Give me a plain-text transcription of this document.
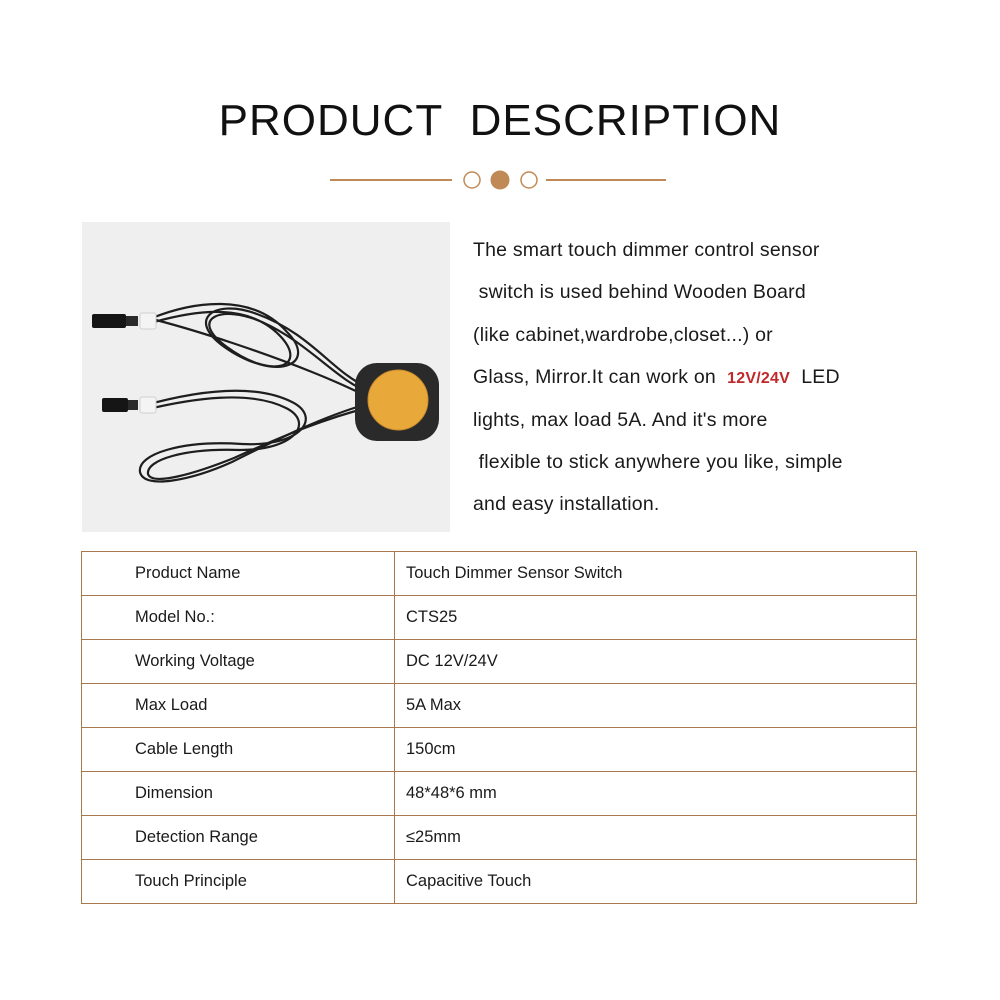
PRODUCT DESCRIPTION
The smart touch dimmer control sensor
switch is used behind Wooden Board
(like cabinet,wardrobe,closet...) or
Glass, Mirror.It can work on  12V/24V  LED
lights, max load 5A. And it's more
flexible to stick anywhere you like, simple
and easy installation.
Product Name	Touch Dimmer Sensor Switch
Model No.:	CTS25
Working Voltage	DC 12V/24V
Max Load	5A Max
Cable Length	150cm
Dimension	48*48*6 mm
Detection Range	≤25mm
Touch Principle	Capacitive Touch
